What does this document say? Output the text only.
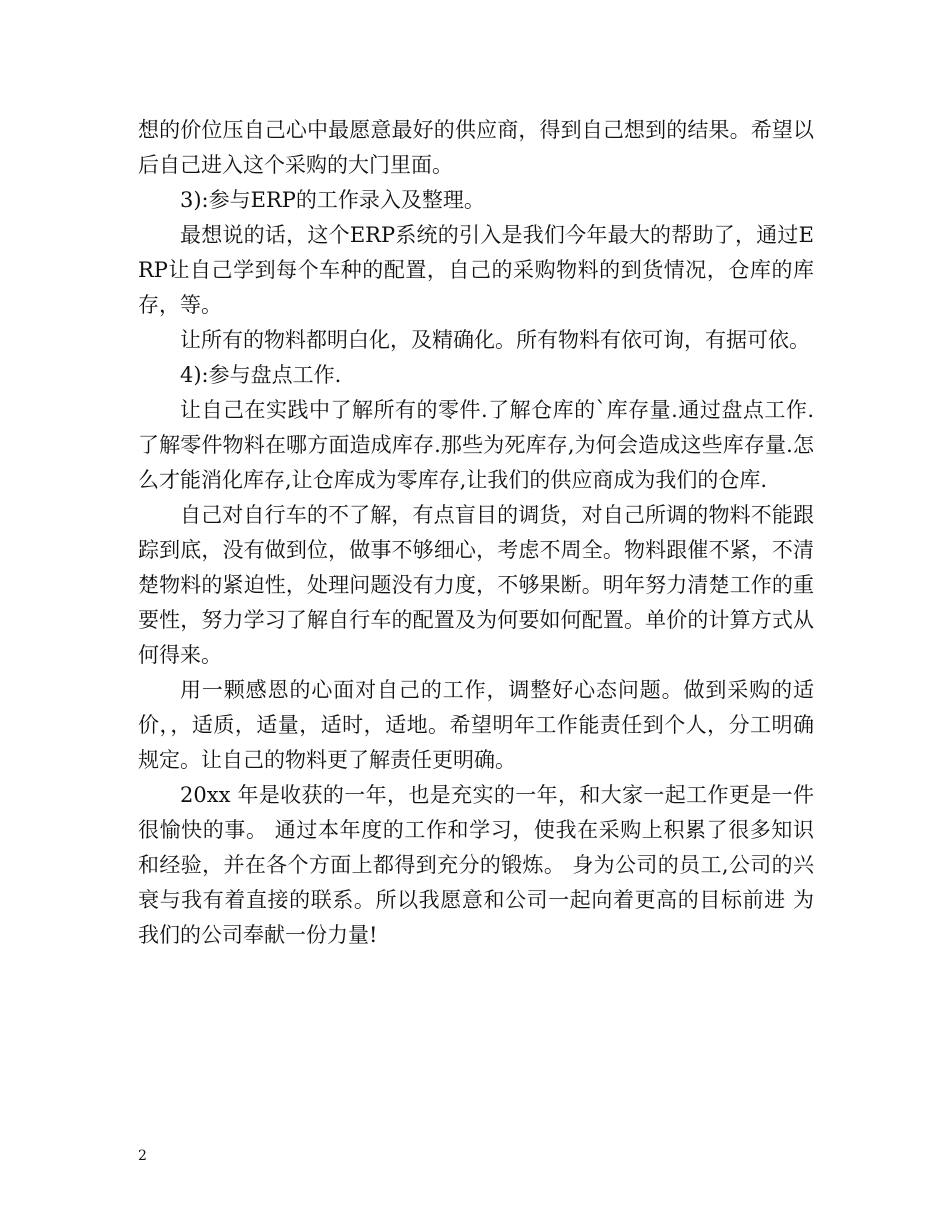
想的价位压自己心中最愿意最好的供应商，得到自己想到的结果。希望以后自己进入这个采购的大门里面。

3):参与ERP的工作录入及整理。

最想说的话，这个ERP系统的引入是我们今年最大的帮助了，通过ERP让自己学到每个车种的配置，自己的采购物料的到货情况，仓库的库存，等。

让所有的物料都明白化，及精确化。所有物料有依可询，有据可依。

4):参与盘点工作.

让自己在实践中了解所有的零件.了解仓库的`库存量.通过盘点工作.了解零件物料在哪方面造成库存.那些为死库存,为何会造成这些库存量.怎么才能消化库存,让仓库成为零库存,让我们的供应商成为我们的仓库.

自己对自行车的不了解，有点盲目的调货，对自己所调的物料不能跟踪到底，没有做到位，做事不够细心，考虑不周全。物料跟催不紧，不清楚物料的紧迫性，处理问题没有力度，不够果断。明年努力清楚工作的重要性，努力学习了解自行车的配置及为何要如何配置。单价的计算方式从何得来。

用一颗感恩的心面对自己的工作，调整好心态问题。做到采购的适价，，适质，适量，适时，适地。希望明年工作能责任到个人，分工明确规定。让自己的物料更了解责任更明确。

20xx 年是收获的一年，也是充实的一年，和大家一起工作更是一件很愉快的事。 通过本年度的工作和学习，使我在采购上积累了很多知识和经验，并在各个方面上都得到充分的锻炼。 身为公司的员工,公司的兴衰与我有着直接的联系。所以我愿意和公司一起向着更高的目标前进 为我们的公司奉献一份力量!

2
